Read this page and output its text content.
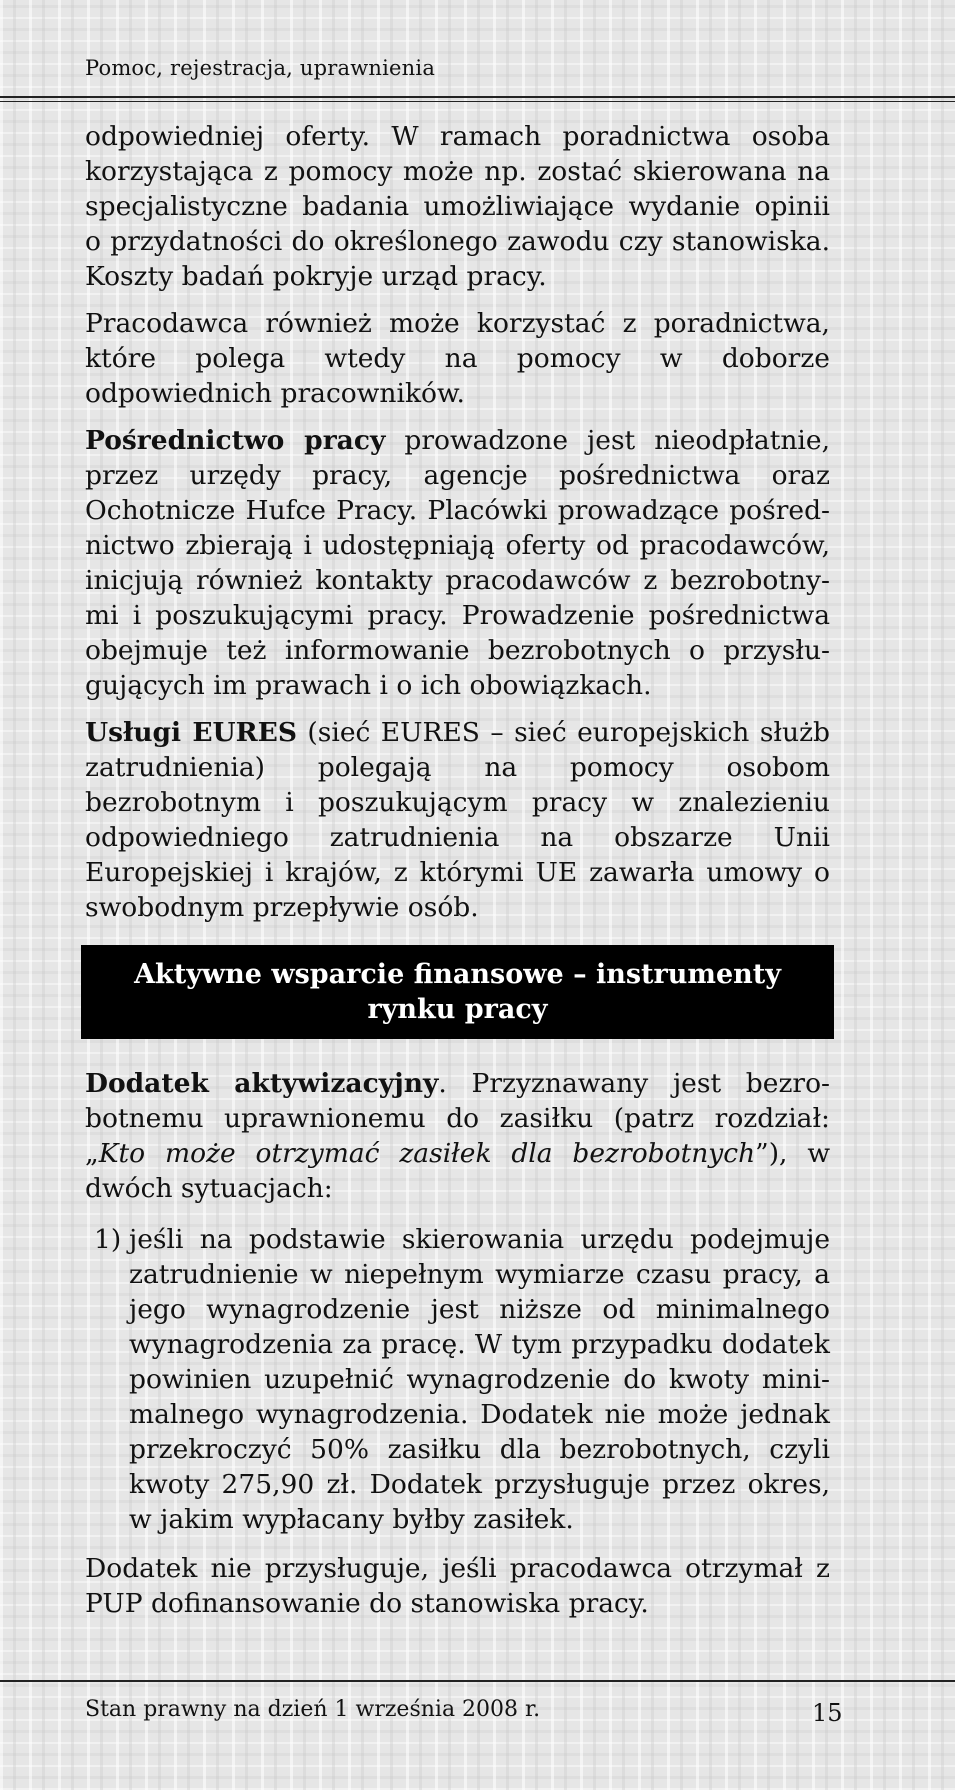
Pomoc, rejestracja, uprawnienia

odpowiedniej oferty. W ramach poradnictwa osoba korzystająca z pomocy może np. zostać skierowana na specjalistyczne badania umożliwiające wydanie opinii o przydatności do określonego zawodu czy stanowiska. Koszty badań pokryje urząd pracy.

Pracodawca również może korzystać z poradnictwa, które polega wtedy na pomocy w doborze odpowiednich pracowników.

Pośrednictwo pracy prowadzone jest nieodpłatnie, przez urzędy pracy, agencje pośrednictwa oraz Ochotnicze Hufce Pracy. Placówki prowadzące pośrednictwo zbierają i udostępniają oferty od pracodawców, inicjują również kontakty pracodawców z bezrobotnymi i poszukującymi pracy. Prowadzenie pośrednictwa obejmuje też informowanie bezrobotnych o przysługujących im prawach i o ich obowiązkach.

Usługi EURES (sieć EURES – sieć europejskich służb zatrudnienia) polegają na pomocy osobom bezrobotnym i poszukującym pracy w znalezieniu odpowiedniego zatrudnienia na obszarze Unii Europejskiej i krajów, z którymi UE zawarła umowy o swobodnym przepływie osób.

Aktywne wsparcie finansowe – instrumenty rynku pracy

Dodatek aktywizacyjny. Przyznawany jest bezrobotnemu uprawnionemu do zasiłku (patrz rozdział: „Kto może otrzymać zasiłek dla bezrobotnych”), w dwóch sytuacjach:

1) jeśli na podstawie skierowania urzędu podejmuje zatrudnienie w niepełnym wymiarze czasu pracy, a jego wynagrodzenie jest niższe od minimalnego wynagrodzenia za pracę. W tym przypadku dodatek powinien uzupełnić wynagrodzenie do kwoty minimalnego wynagrodzenia. Dodatek nie może jednak przekroczyć 50% zasiłku dla bezrobotnych, czyli kwoty 275,90 zł. Dodatek przysługuje przez okres, w jakim wypłacany byłby zasiłek.

Dodatek nie przysługuje, jeśli pracodawca otrzymał z PUP dofinansowanie do stanowiska pracy.

Stan prawny na dzień 1 września 2008 r.	15
